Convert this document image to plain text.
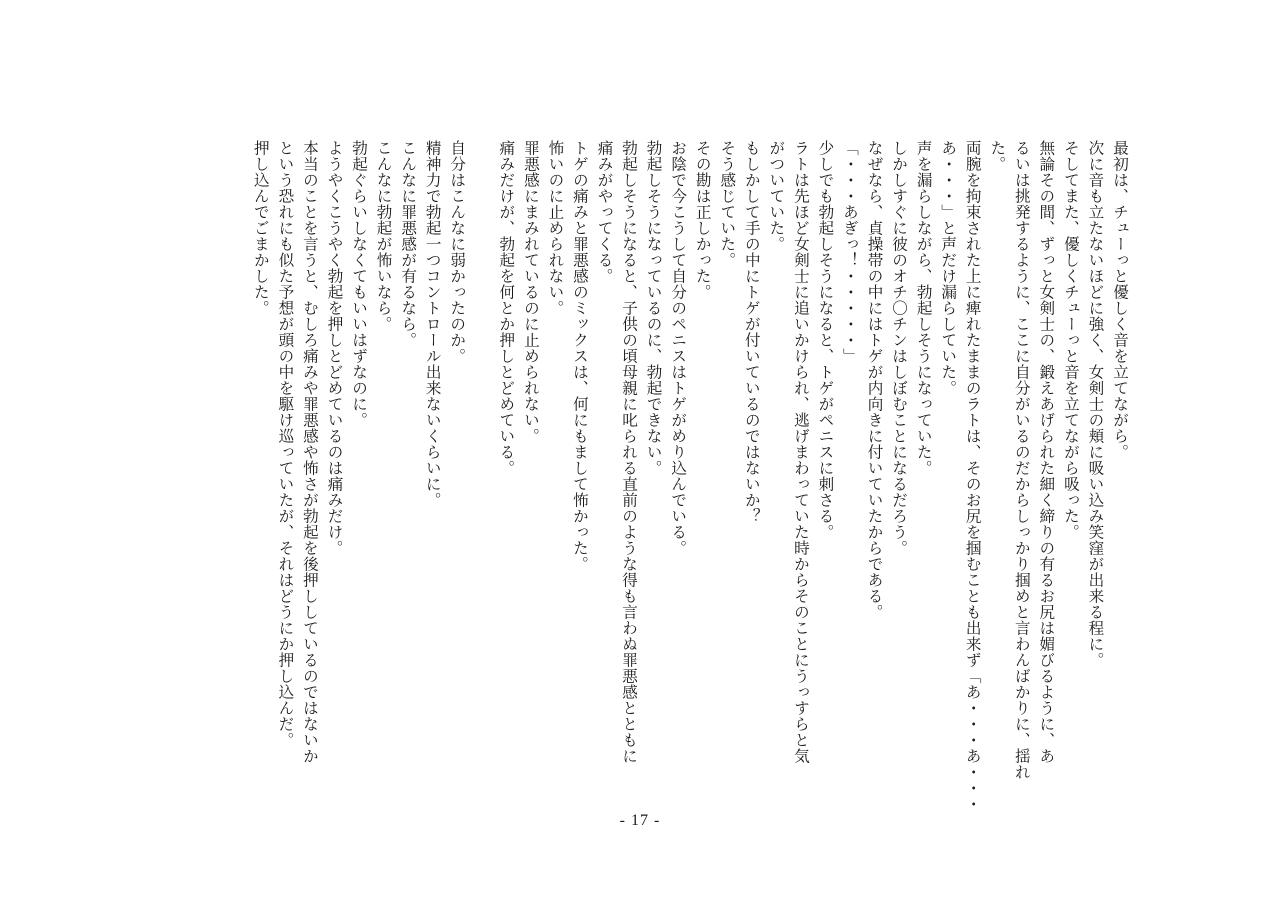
最初は、チューっと優しく音を立てながら。
次に音も立たないほどに強く、女剣士の頬に吸い込み笑窪が出来る程に。
そしてまた、優しくチューっと音を立てながら吸った。
無論その間、ずっと女剣士の、鍛えあげられた細く締りの有るお尻は媚びるように、あ
るいは挑発するように、ここに自分がいるのだからしっかり掴めと言わんばかりに、揺れ
た。
両腕を拘束された上に痺れたままのラトは、そのお尻を掴むことも出来ず「あ・・・あ・・・
あ・・・」と声だけ漏らしていた。
声を漏らしながら、勃起しそうになっていた。
しかしすぐに彼のオチ〇チンはしぼむことになるだろう。
なぜなら、貞操帯の中にはトゲが内向きに付いていたからである。
「・・・あぎっ！・・・・・」
少しでも勃起しそうになると、トゲがペニスに刺さる。
ラトは先ほど女剣士に追いかけられ、逃げまわっていた時からそのことにうっすらと気
がついていた。
もしかして手の中にトゲが付いているのではないか？
そう感じていた。
その勘は正しかった。
お陰で今こうして自分のペニスはトゲがめり込んでいる。
勃起しそうになっているのに、勃起できない。
勃起しそうになると、子供の頃母親に叱られる直前のような得も言わぬ罪悪感とともに
痛みがやってくる。
トゲの痛みと罪悪感のミックスは、何にもまして怖かった。
怖いのに止められない。
罪悪感にまみれているのに止められない。
痛みだけが、勃起を何とか押しとどめている。
自分はこんなに弱かったのか。
精神力で勃起一つコントロール出来ないくらいに。
こんなに罪悪感が有るなら。
こんなに勃起が怖いなら。
勃起ぐらいしなくてもいいはずなのに。
ようやくこうやく勃起を押しとどめているのは痛みだけ。
本当のことを言うと、むしろ痛みや罪悪感や怖さが勃起を後押ししているのではないか
という恐れにも似た予想が頭の中を駆け巡っていたが、それはどうにか押し込んだ。
押し込んでごまかした。
- 17 -
